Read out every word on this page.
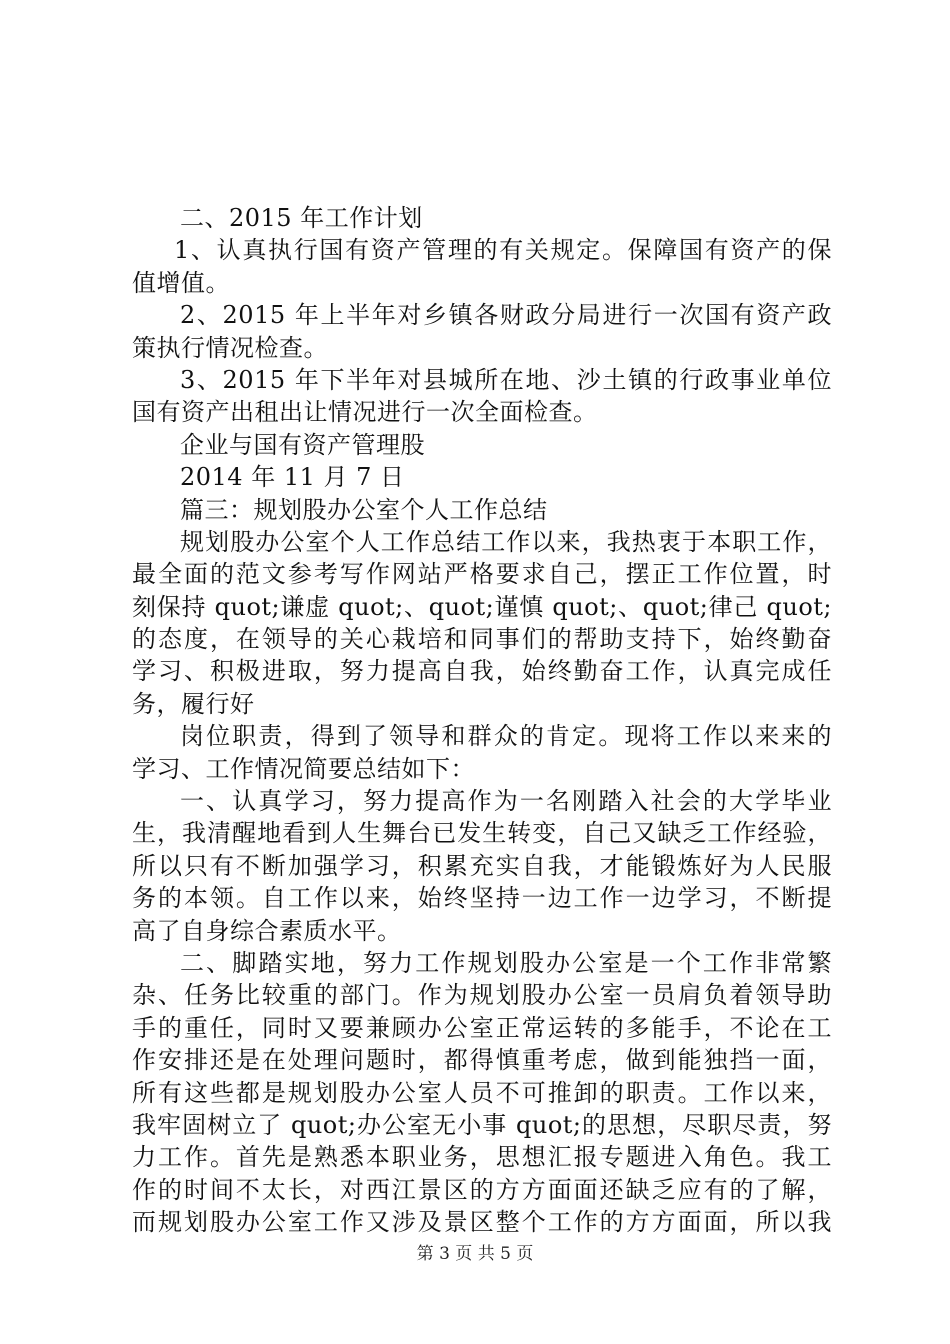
二、2015 年工作计划
1、认真执行国有资产管理的有关规定。保障国有资产的保
值增值。
2、2015 年上半年对乡镇各财政分局进行一次国有资产政
策执行情况检查。
3、2015 年下半年对县城所在地、沙土镇的行政事业单位
国有资产出租出让情况进行一次全面检查。
企业与国有资产管理股
2014 年 11 月 7 日
篇三：规划股办公室个人工作总结
规划股办公室个人工作总结工作以来，我热衷于本职工作，
最全面的范文参考写作网站严格要求自己，摆正工作位置，时
刻保持 quot;谦虚 quot;、quot;谨慎 quot;、quot;律己 quot;
的态度，在领导的关心栽培和同事们的帮助支持下，始终勤奋
学习、积极进取，努力提高自我，始终勤奋工作，认真完成任
务，履行好
岗位职责，得到了领导和群众的肯定。现将工作以来来的
学习、工作情况简要总结如下：
一、认真学习，努力提高作为一名刚踏入社会的大学毕业
生，我清醒地看到人生舞台已发生转变，自己又缺乏工作经验，
所以只有不断加强学习，积累充实自我，才能锻炼好为人民服
务的本领。自工作以来，始终坚持一边工作一边学习，不断提
高了自身综合素质水平。
二、脚踏实地，努力工作规划股办公室是一个工作非常繁
杂、任务比较重的部门。作为规划股办公室一员肩负着领导助
手的重任，同时又要兼顾办公室正常运转的多能手，不论在工
作安排还是在处理问题时，都得慎重考虑，做到能独挡一面，
所有这些都是规划股办公室人员不可推卸的职责。工作以来，
我牢固树立了 quot;办公室无小事 quot;的思想，尽职尽责，努
力工作。首先是熟悉本职业务，思想汇报专题进入角色。我工
作的时间不太长，对西江景区的方方面面还缺乏应有的了解，
而规划股办公室工作又涉及景区整个工作的方方面面，所以我
第 3 页 共 5 页
